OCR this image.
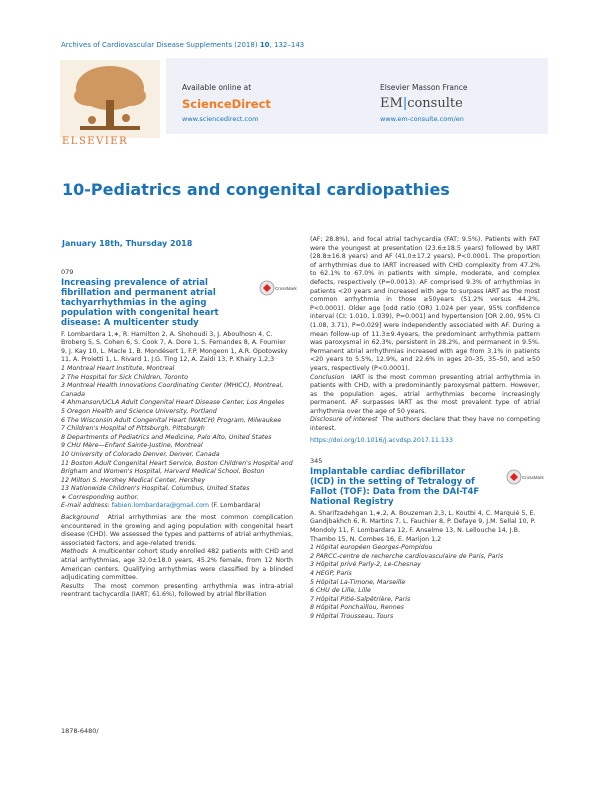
Archives of Cardiovascular Disease Supplements (2018) 10, 132–143
ELSEVIER
Available online at
ScienceDirect
www.sciencedirect.com
Elsevier Masson France
EM|consulte
www.em-consulte.com/en
10-Pediatrics and congenital cardiopathies
January 18th, Thursday 2018
079
Increasing prevalence of atrial fibrillation and permanent atrial tachyarrhythmias in the aging population with congenital heart disease: A multicenter study
CrossMark
F. Lombardara 1,∗, R. Hamilton 2, A. Shohoudi 3, J. Aboulhosn 4, C. Broberg 5, S. Cohen 6, S. Cook 7, A. Dore 1, S. Fernandes 8, A. Fournier 9, J. Kay 10, L. Macle 1, B. Mondésert 1, F.P. Mongeon 1, A.R. Opotowsky 11, A. Proietti 1, L. Rivard 1, J.G. Ting 12, A. Zaidi 13, P. Khairy 1,2,3
1 Montreal Heart Institute, Montreal
2 The Hospital for Sick Children, Toronto
3 Montreal Health Innovations Coordinating Center (MHICC), Montreal, Canada
4 Ahmanson/UCLA Adult Congenital Heart Disease Center, Los Angeles
5 Oregon Health and Science University, Portland
6 The Wisconsin Adult Congenital Heart (WAtCH) Program, Milwaukee
7 Children's Hospital of Pittsburgh, Pittsburgh
8 Departments of Pediatrics and Medicine, Palo Alto, United States
9 CHU Mère—Enfant Sainte-Justine, Montreal
10 University of Colorado Denver, Denver, Canada
11 Boston Adult Congenital Heart Service, Boston Children's Hospital and Brigham and Women's Hospital, Harvard Medical School, Boston
12 Milton S. Hershey Medical Center, Hershey
13 Nationwide Children's Hospital, Columbus, United States
∗ Corresponding author.
E-mail address: fabien.lombardara@gmail.com (F. Lombardara)

Background Atrial arrhythmias are the most common complication encountered in the growing and aging population with congenital heart disease (CHD). We assessed the types and patterns of atrial arrhythmias, associated factors, and age-related trends.

Methods A multicenter cohort study enrolled 482 patients with CHD and atrial arrhythmias, age 32.0±18.0 years, 45.2% female, from 12 North American centers. Qualifying arrhythmias were classified by a blinded adjudicating committee.

Results The most common presenting arrhythmia was intra-atrial reentrant tachycardia (IART; 61.6%), followed by atrial fibrillation

(AF; 28.8%), and focal atrial tachycardia (FAT; 9.5%). Patients with FAT were the youngest at presentation (23.6±18.5 years) followed by IART (28.8±16.8 years) and AF (41.0±17.2 years), P<0.0001. The proportion of arrhythmias due to IART increased with CHD complexity from 47.2% to 62.1% to 67.0% in patients with simple, moderate, and complex defects, respectively (P=0.0013). AF comprised 9.3% of arrhythmias in patients <20 years and increased with age to surpass IART as the most common arrhythmia in those ≥50years (51.2% versus 44.2%, P<0.0001). Older age [odd ratio (OR) 1.024 per year, 95% confidence interval (CI; 1.010, 1.039), P=0.001] and hypertension [OR 2.00, 95% CI (1.08, 3.71), P=0.029] were independently associated with AF. During a mean follow-up of 11.3±9.4years, the predominant arrhythmia pattern was paroxysmal in 62.3%, persistent in 28.2%, and permanent in 9.5%. Permanent atrial arrhythmias increased with age from 3.1% in patients <20 years to 5.5%, 12.9%, and 22.6% in ages 20–35, 35–50, and ≥50 years, respectively (P<0.0001).

Conclusion IART is the most common presenting atrial arrhythmia in patients with CHD, with a predominantly paroxysmal pattern. However, as the population ages, atrial arrhythmias become increasingly permanent. AF surpasses IART as the most prevalent type of atrial arrhythmia over the age of 50 years.

Disclosure of interest The authors declare that they have no competing interest.

https://doi.org/10.1016/j.acvdsp.2017.11.133
345
Implantable cardiac defibrillator (ICD) in the setting of Tetralogy of Fallot (TOF): Data from the DAI-T4F National Registry
CrossMark
A. Sharifzadehgan 1,∗,2, A. Bouzeman 2,3, L. Koutbi 4, C. Marquié 5, E. Gandjbakhch 6, R. Martins 7, L. Fauchier 8, P. Defaye 9, J.M. Sellal 10, P. Mondoly 11, F. Lombardara 12, F. Anselme 13, N. Lellouche 14, J.B. Thambo 15, N. Combes 16, E. Marijon 1,2
1 Hôpital européen Georges-Pompidou
2 PARCC-centre de recherche cardiovasculaire de Paris, Paris
3 Hôpital privé Parly-2, Le-Chesnay
4 HEGP, Paris
5 Hôpital La-Timone, Marseille
6 CHU de Lille, Lille
7 Hôpital Pitié-Salpêtrière, Paris
8 Hôpital Ponchaillou, Rennes
9 Hôpital Trousseau, Tours
1878-6480/
